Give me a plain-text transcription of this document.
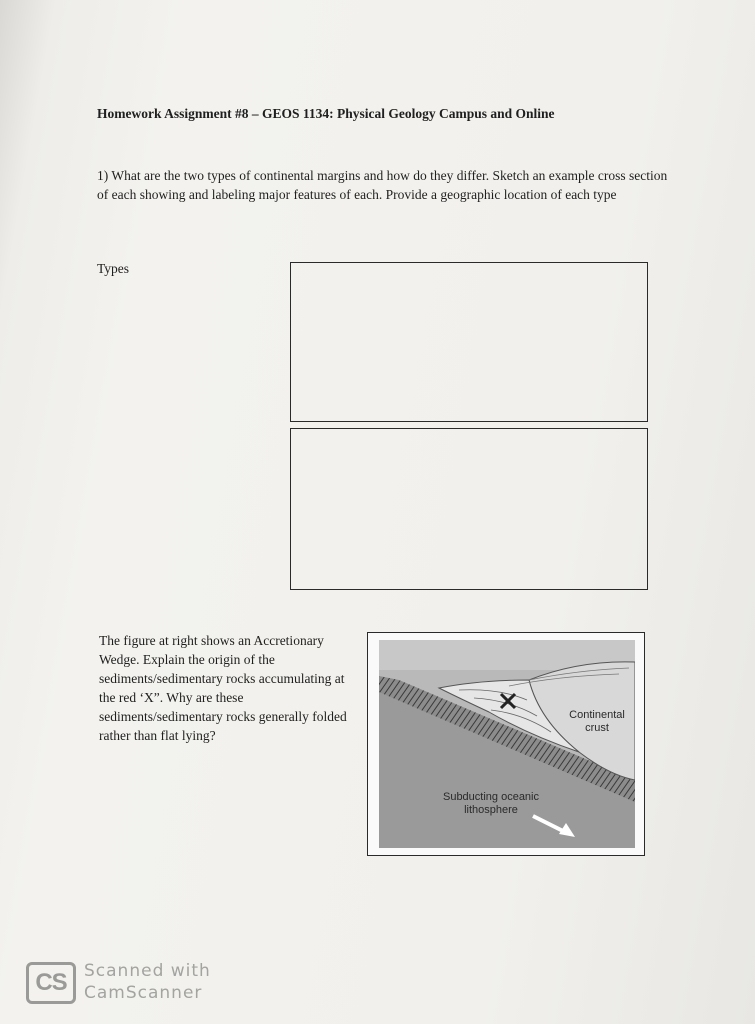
Homework Assignment #8 – GEOS 1134: Physical Geology Campus and Online
1) What are the two types of continental margins and how do they differ. Sketch an example cross section of each showing and labeling major features of each. Provide a geographic location of each type
Types
The figure at right shows an Accretionary Wedge. Explain the origin of the sediments/sedimentary rocks accumulating at the red ‘X”. Why are these sediments/sedimentary rocks generally folded rather than flat lying?
Continental
crust
Subducting oceanic
lithosphere
CS	Scanned with
CamScanner
